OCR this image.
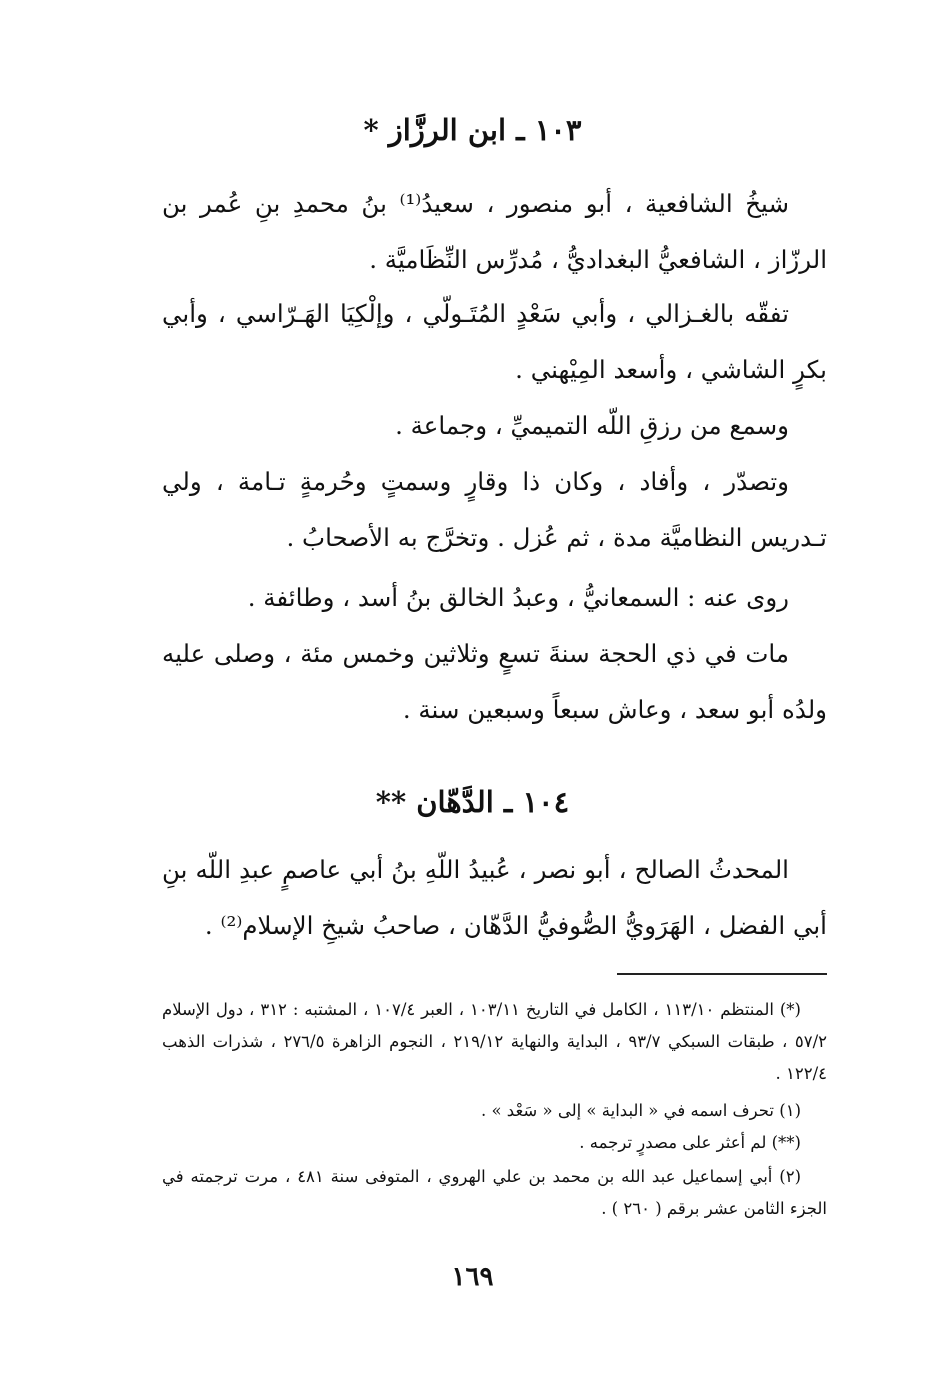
١٠٣ ـ ابن الرزَّاز *

شيخُ الشافعية ، أبو منصور ، سعيدُ⁽¹⁾ بنُ محمدِ بنِ عُمر بن الرزّاز ، الشافعيُّ البغداديُّ ، مُدرِّس النِّظَاميَّة .

تفقّه بالغـزالي ، وأبي سَعْدٍ المُتَـولّي ، وإلْكِيَا الهَـرّاسي ، وأبي بكرٍ الشاشي ، وأسعد المِيْهني .

وسمع من رزقِ اللّه التميميِّ ، وجماعة .

وتصدّر ، وأفاد ، وكان ذا وقارٍ وسمتٍ وحُرمةٍ تـامة ، ولي تـدريس النظاميَّة مدة ، ثم عُزل . وتخرَّج به الأصحابُ .

روى عنه : السمعانيُّ ، وعبدُ الخالق بنُ أسد ، وطائفة .

مات في ذي الحجة سنةَ تسعٍ وثلاثين وخمس مئة ، وصلى عليه ولدُه أبو سعد ، وعاش سبعاً وسبعين سنة .

١٠٤ ـ الدَّهّان **

المحدثُ الصالح ، أبو نصر ، عُبيدُ اللّهِ بنُ أبي عاصمٍ عبدِ اللّه بنِ أبي الفضل ، الهَرَويُّ الصُّوفيُّ الدَّهّان ، صاحبُ شيخِ الإسلام⁽²⁾ .

(*) المنتظم ١١٣/١٠ ، الكامل في التاريخ ١٠٣/١١ ، العبر ١٠٧/٤ ، المشتبه : ٣١٢ ، دول الإسلام ٥٧/٢ ، طبقات السبكي ٩٣/٧ ، البداية والنهاية ٢١٩/١٢ ، النجوم الزاهرة ٢٧٦/٥ ، شذرات الذهب ١٢٢/٤ .

(١) تحرف اسمه في « البداية » إلى « سَعْد » .

(**) لم أعثر على مصدرٍ ترجمه .

(٢) أبي إسماعيل عبد الله بن محمد بن علي الهروي ، المتوفى سنة ٤٨١ ، مرت ترجمته في الجزء الثامن عشر برقم ( ٢٦٠ ) .

١٦٩
